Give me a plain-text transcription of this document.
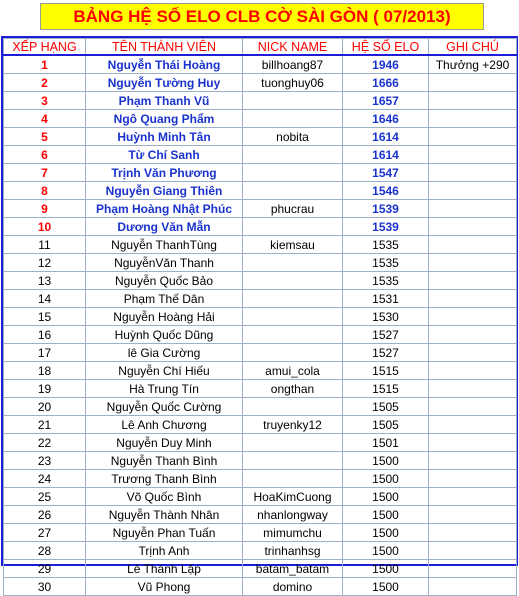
BẢNG HỆ SỐ ELO CLB CỜ SÀI GÒN ( 07/2013)
XẾP HẠNG	TÊN THÀNH VIÊN	NICK NAME	HỆ SỐ ELO	GHI CHÚ
1	Nguyễn Thái Hoàng	billhoang87	1946	Thưởng +290
2	Nguyễn Tường Huy	tuonghuy06	1666	
3	Phạm Thanh Vũ		1657	
4	Ngô Quang Phẩm		1646	
5	Huỳnh Minh Tân	nobita	1614	
6	Từ Chí Sanh		1614	
7	Trịnh Văn Phương		1547	
8	Nguyễn Giang Thiên		1546	
9	Phạm Hoàng Nhật Phúc	phucrau	1539	
10	Dương Văn Mẫn		1539	
11	Nguyễn ThanhTùng	kiemsau	1535	
12	NguyễnVăn Thanh		1535	
13	Nguyễn Quốc Bảo		1535	
14	Phạm Thế Dân		1531	
15	Nguyễn Hoàng Hải		1530	
16	Huỳnh Quốc Dũng		1527	
17	lê Gia Cường		1527	
18	Nguyễn Chí Hiếu	amui_cola	1515	
19	Hà Trung Tín	ongthan	1515	
20	Nguyễn Quốc Cường		1505	
21	Lê Anh Chương	truyenky12	1505	
22	Nguyễn Duy Minh		1501	
23	Nguyễn Thanh Bình		1500	
24	Trương Thanh Bình		1500	
25	Võ Quốc Bình	HoaKimCuong	1500	
26	Nguyễn Thành Nhân	nhanlongway	1500	
27	Nguyễn Phan Tuấn	mimumchu	1500	
28	Trịnh Anh	trinhanhsg	1500	
29	Lê Thành Lập	batam_batam	1500	
30	Vũ Phong	domino	1500	
